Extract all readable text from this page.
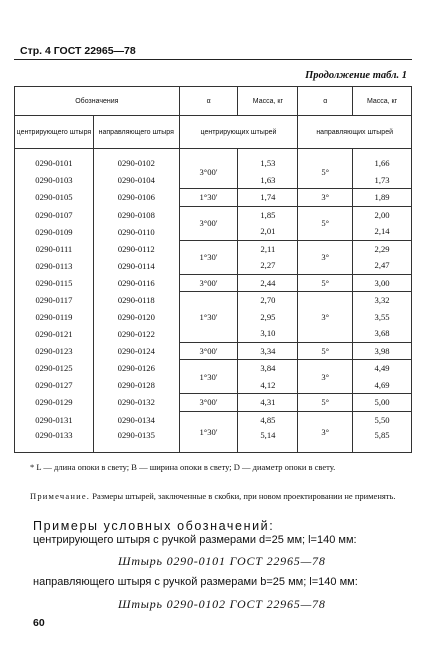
Стр. 4 ГОСТ 22965—78
Продолжение табл. 1
Обозначения		α	Масса, кг	α	Масса, кг
центрирующего штыря	направляющего штыря	центрирующих штырей		направляющих штырей	

0290-0101	0290-0102	3°00′	1,53	5°	1,66
0290-0103	0290-0104		1,63		1,73
0290-0105	0290-0106	1°30′	1,74	3°	1,89
0290-0107	0290-0108	3°00′	1,85	5°	2,00
0290-0109	0290-0110		2,01		2,14
0290-0111	0290-0112	1°30′	2,11	3°	2,29
0290-0113	0290-0114		2,27		2,47
0290-0115	0290-0116	3°00′	2,44	5°	3,00
0290-0117	0290-0118	1°30′	2,70	3°	3,32
0290-0119	0290-0120		2,95		3,55
0290-0121	0290-0122		3,10		3,68
0290-0123	0290-0124	3°00′	3,34	5°	3,98
0290-0125	0290-0126	1°30′	3,84	3°	4,49
0290-0127	0290-0128		4,12		4,69
0290-0129	0290-0132	3°00′	4,31	5°	5,00
0290-0131	0290-0134	1°30′	4,85	3°	5,50
0290-0133	0290-0135		5,14		5,85
* L — длина опоки в свету; B — ширина опоки в свету; D — диаметр опоки в свету.
Примечание. Размеры штырей, заключенные в скобки, при новом проектировании не применять.
Примеры условных обозначений:
центрирующего штыря с ручкой размерами d=25 мм; l=140 мм:
Штырь 0290-0101 ГОСТ 22965—78
направляющего штыря с ручкой размерами b=25 мм; l=140 мм:
Штырь 0290-0102 ГОСТ 22965—78
60
